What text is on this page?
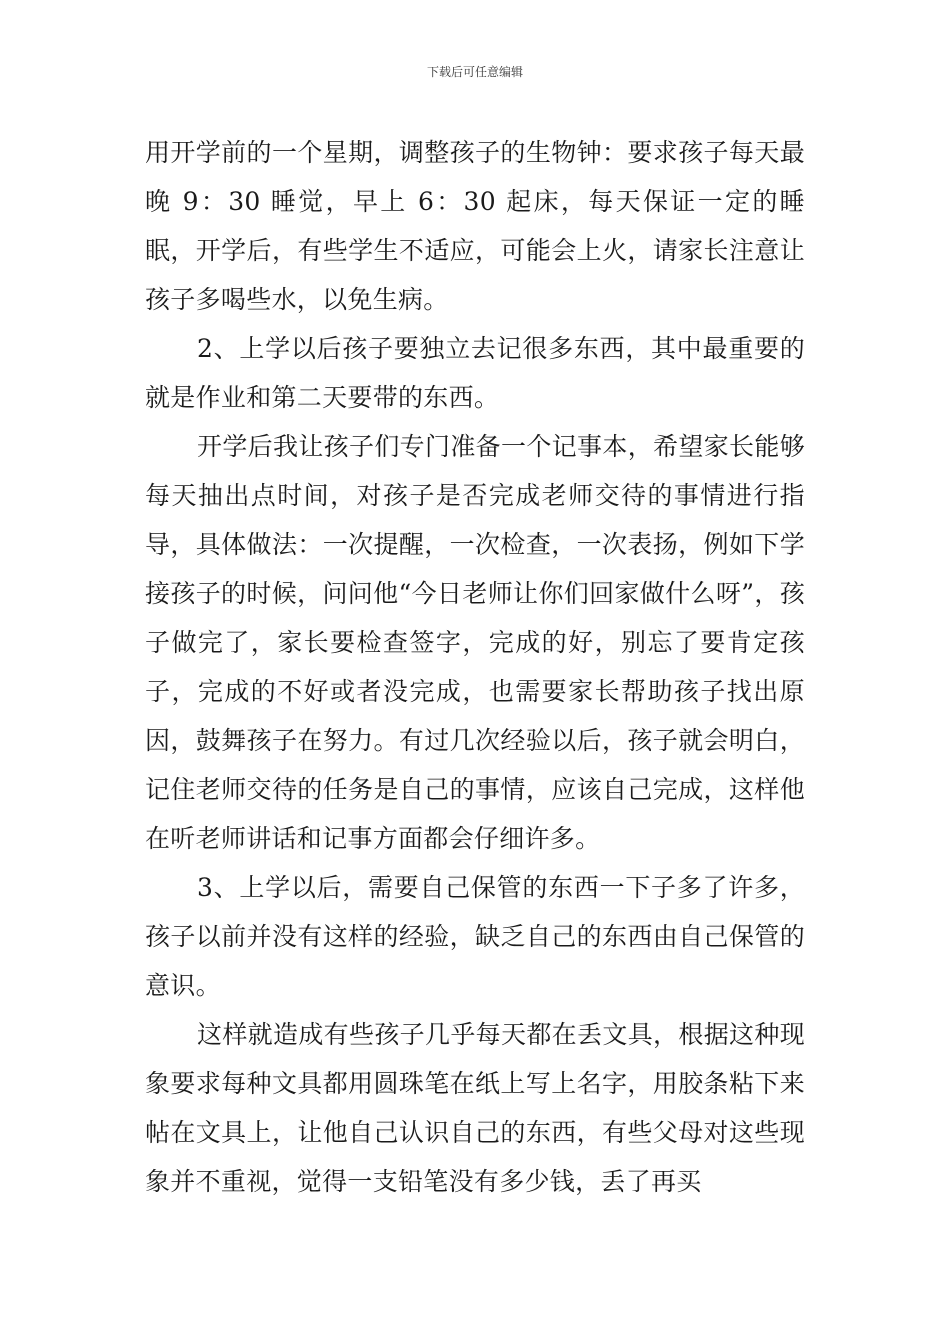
下载后可任意编辑

用开学前的一个星期，调整孩子的生物钟：要求孩子每天最晚 9：30 睡觉，早上 6：30 起床，每天保证一定的睡眠，开学后，有些学生不适应，可能会上火，请家长注意让孩子多喝些水，以免生病。

2、上学以后孩子要独立去记很多东西，其中最重要的就是作业和第二天要带的东西。

开学后我让孩子们专门准备一个记事本，希望家长能够每天抽出点时间，对孩子是否完成老师交待的事情进行指导，具体做法：一次提醒，一次检查，一次表扬，例如下学接孩子的时候，问问他“今日老师让你们回家做什么呀”，孩子做完了，家长要检查签字，完成的好，别忘了要肯定孩子，完成的不好或者没完成，也需要家长帮助孩子找出原因，鼓舞孩子在努力。有过几次经验以后，孩子就会明白，记住老师交待的任务是自己的事情，应该自己完成，这样他在听老师讲话和记事方面都会仔细许多。

3、上学以后，需要自己保管的东西一下子多了许多，孩子以前并没有这样的经验，缺乏自己的东西由自己保管的意识。

这样就造成有些孩子几乎每天都在丢文具，根据这种现象要求每种文具都用圆珠笔在纸上写上名字，用胶条粘下来帖在文具上，让他自己认识自己的东西，有些父母对这些现象并不重视，觉得一支铅笔没有多少钱，丢了再买
